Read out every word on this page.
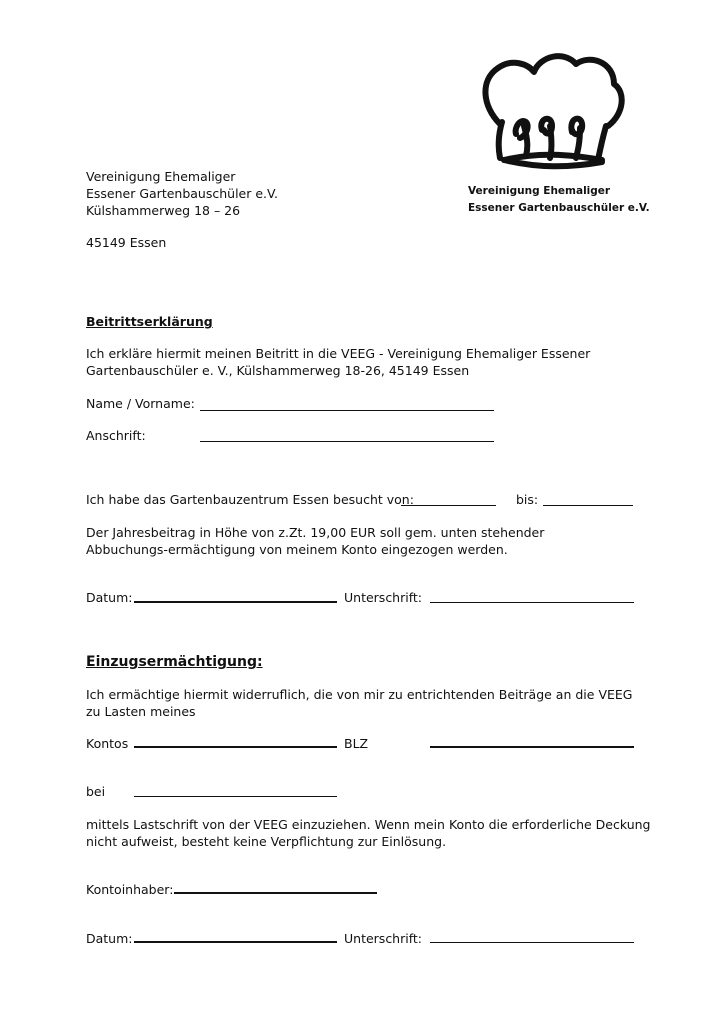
Vereinigung Ehemaliger
Essener Gartenbauschüler e.V.
Vereinigung Ehemaliger
Essener Gartenbauschüler e.V.
Külshammerweg 18 – 26
45149 Essen
Beitrittserklärung
Ich erkläre hiermit meinen Beitritt in die VEEG - Vereinigung Ehemaliger Essener
Gartenbauschüler e. V., Külshammerweg 18-26, 45149 Essen
Name / Vorname:
Anschrift:
Ich habe das Gartenbauzentrum Essen besucht von:	bis:
Der Jahresbeitrag in Höhe von z.Zt. 19,00 EUR soll gem. unten stehender
Abbuchungs-ermächtigung von meinem Konto eingezogen werden.
Datum:	Unterschrift:
Einzugsermächtigung:
Ich ermächtige hiermit widerruflich, die von mir zu entrichtenden Beiträge an die VEEG
zu Lasten meines
Kontos	BLZ
bei
mittels Lastschrift von der VEEG einzuziehen. Wenn mein Konto die erforderliche Deckung
nicht aufweist, besteht keine Verpflichtung zur Einlösung.
Kontoinhaber:
Datum:	Unterschrift:
